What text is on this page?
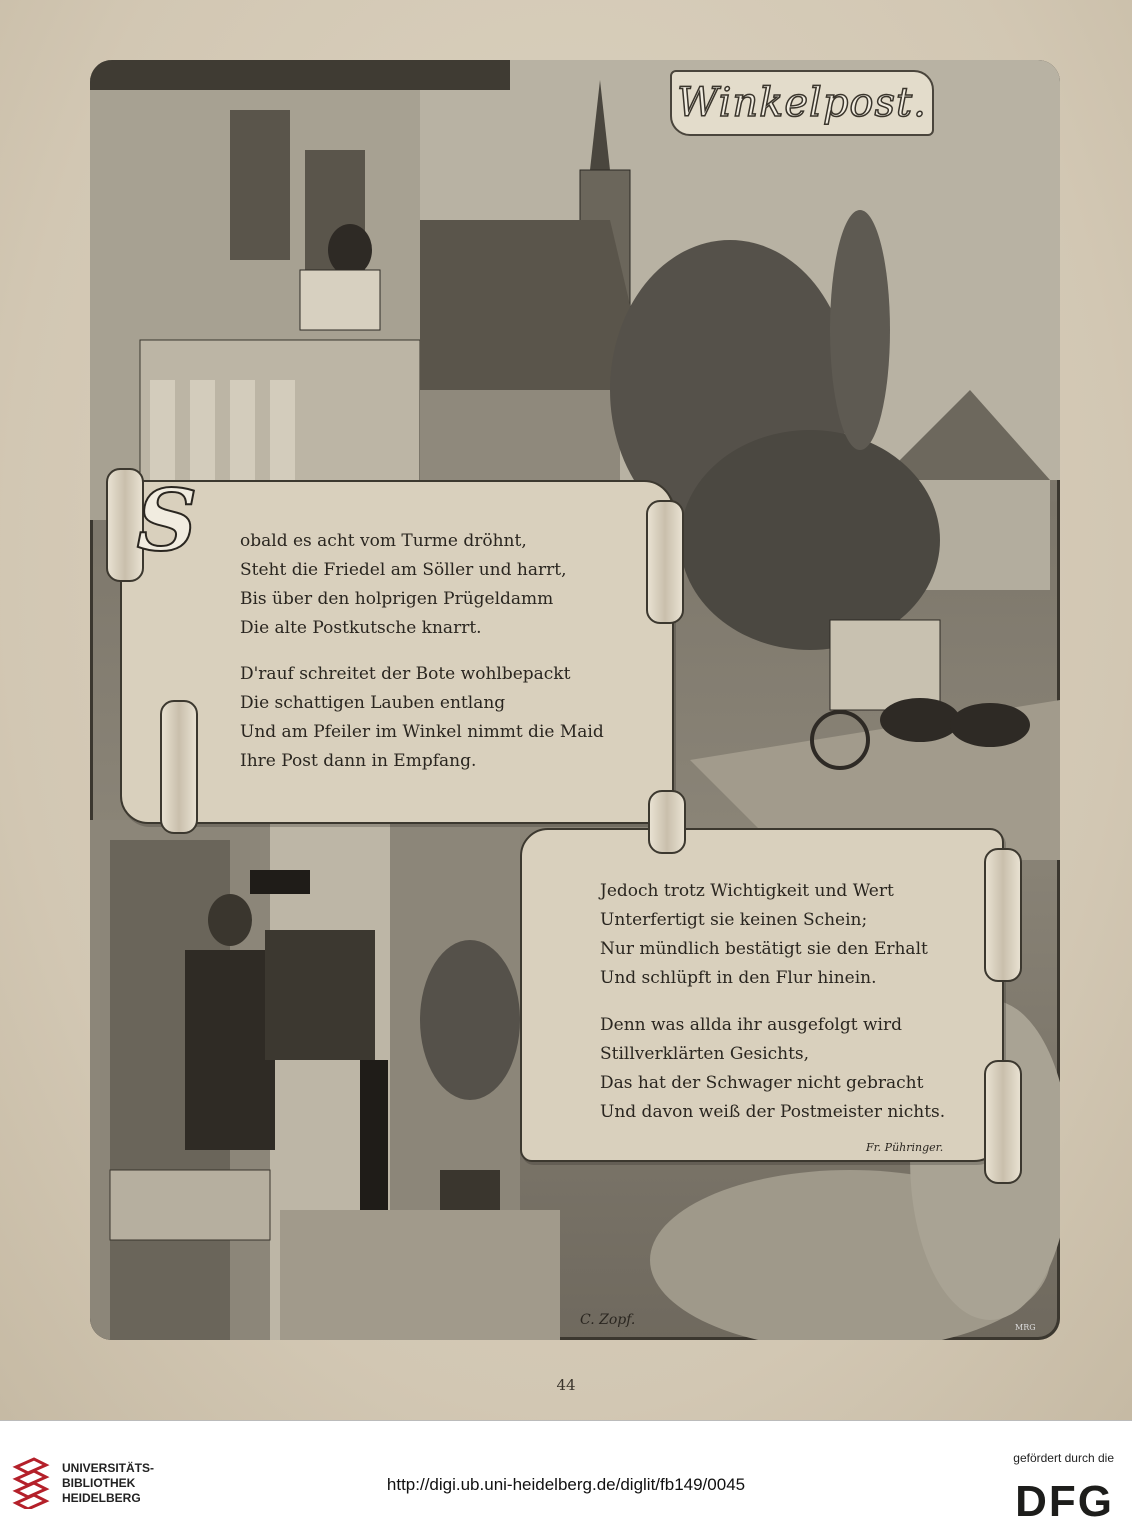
Winkelpost.
S	obald es acht vom Turme dröhnt,
Steht die Friedel am Söller und harrt,
Bis über den holprigen Prügeldamm
Die alte Postkutsche knarrt.
D'rauf schreitet der Bote wohlbepackt
Die schattigen Lauben entlang
Und am Pfeiler im Winkel nimmt die Maid
Ihre Post dann in Empfang.
Jedoch trotz Wichtigkeit und Wert
Unterfertigt sie keinen Schein;
Nur mündlich bestätigt sie den Erhalt
Und schlüpft in den Flur hinein.
Denn was allda ihr ausgefolgt wird
Stillverklärten Gesichts,
Das hat der Schwager nicht gebracht
Und davon weiß der Postmeister nichts.
Fr. Pühringer.
C. Zopf.	MRG
44
UNIVERSITÄTS-
BIBLIOTHEK
HEIDELBERG
http://digi.ub.uni-heidelberg.de/diglit/fb149/0045
gefördert durch die
DFG
